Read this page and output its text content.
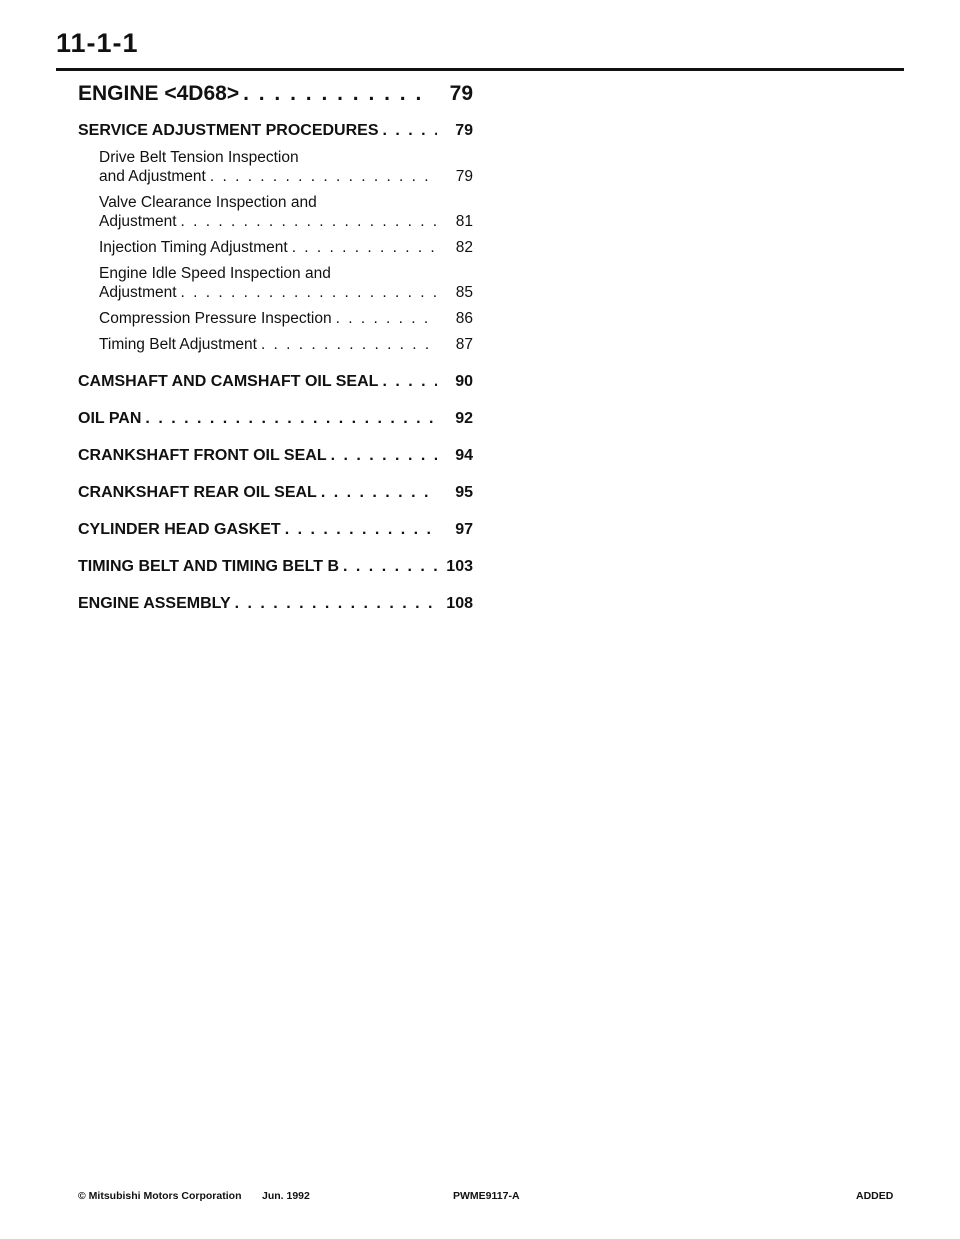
11-1-1
ENGINE <4D68> . . .	79
SERVICE ADJUSTMENT PROCEDURES . . .	79
Drive Belt Tension Inspection
and Adjustment . . .	79
Valve Clearance Inspection and
Adjustment . . .	81
Injection Timing Adjustment . . .	82
Engine Idle Speed Inspection and
Adjustment . . .	85
Compression Pressure Inspection . . .	86
Timing Belt Adjustment . . .	87
CAMSHAFT AND CAMSHAFT OIL SEAL . . .	90
OIL PAN . . .	92
CRANKSHAFT FRONT OIL SEAL . . .	94
CRANKSHAFT REAR OIL SEAL . . .	95
CYLINDER HEAD GASKET . . .	97
TIMING BELT AND TIMING BELT B . . .	103
ENGINE ASSEMBLY . . .	108
© Mitsubishi Motors Corporation Jun. 1992	PWME9117-A	ADDED
